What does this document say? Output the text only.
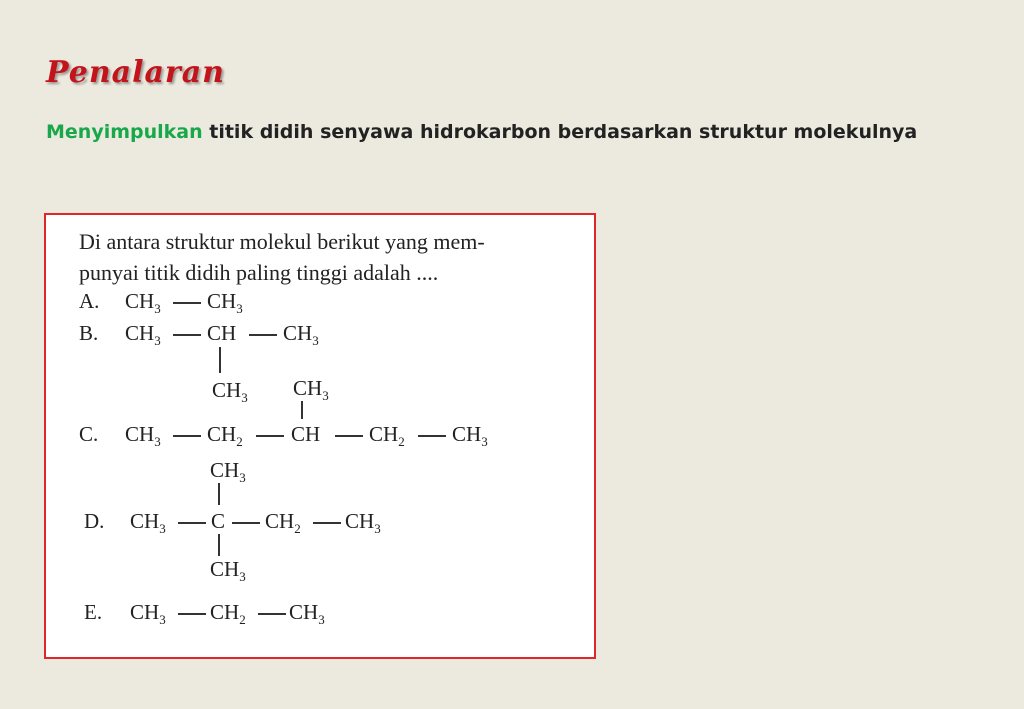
Penalaran
Menyimpulkan titik didih senyawa hidrokarbon berdasarkan struktur molekulnya
Di antara struktur molekul berikut yang mem-
punyai titik didih paling tinggi adalah ....
A. $CH_3$ $CH_3$
B. $CH_3$ CH $CH_3$
$CH_3$ $CH_3$
C. $CH_3$ $CH_2$ CH $CH_2$ $CH_3$
$CH_3$
D. $CH_3$ C $CH_2$ $CH_3$
$CH_3$
E. $CH_3$ $CH_2$ $CH_3$
